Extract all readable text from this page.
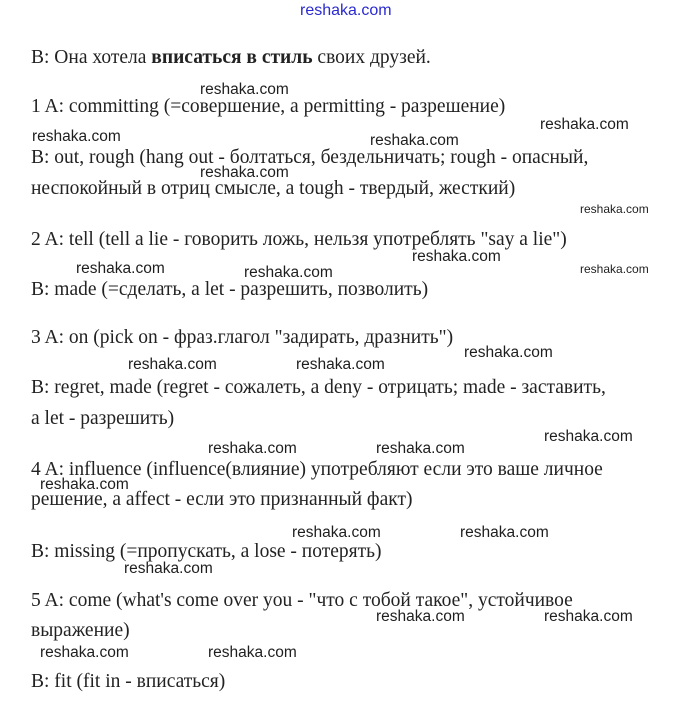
reshaka.com
reshaka.com
reshaka.com
reshaka.com	reshaka.com
reshaka.com
reshaka.com
reshaka.com
reshaka.com	reshaka.com	reshaka.com
reshaka.com
reshaka.com	reshaka.com
reshaka.com
reshaka.com	reshaka.com
reshaka.com
reshaka.com	reshaka.com
reshaka.com
reshaka.com	reshaka.com
reshaka.com	reshaka.com

B: Она хотела вписаться в стиль своих друзей.

1 A: committing (=совершение, a permitting - разрешение)

B: out, rough (hang out - болтаться, бездельничать; rough - опасный,

неспокойный в отриц смысле, a tough - твердый, жесткий)

2 A: tell (tell a lie - говорить ложь, нельзя употреблять "say a lie")

B: made (=сделать, a let - разрешить, позволить)

3 A: on (pick on - фраз.глагол "задирать, дразнить")

B: regret, made (regret - сожалеть, a deny - отрицать; made - заставить,

a let - разрешить)

4 A: influence (influence(влияние) употребляют если это ваше личное

решение, a affect - если это признанный факт)

B: missing (=пропускать, a lose - потерять)

5 A: come (what's come over you - "что с тобой такое", устойчивое

выражение)

B: fit (fit in - вписаться)
